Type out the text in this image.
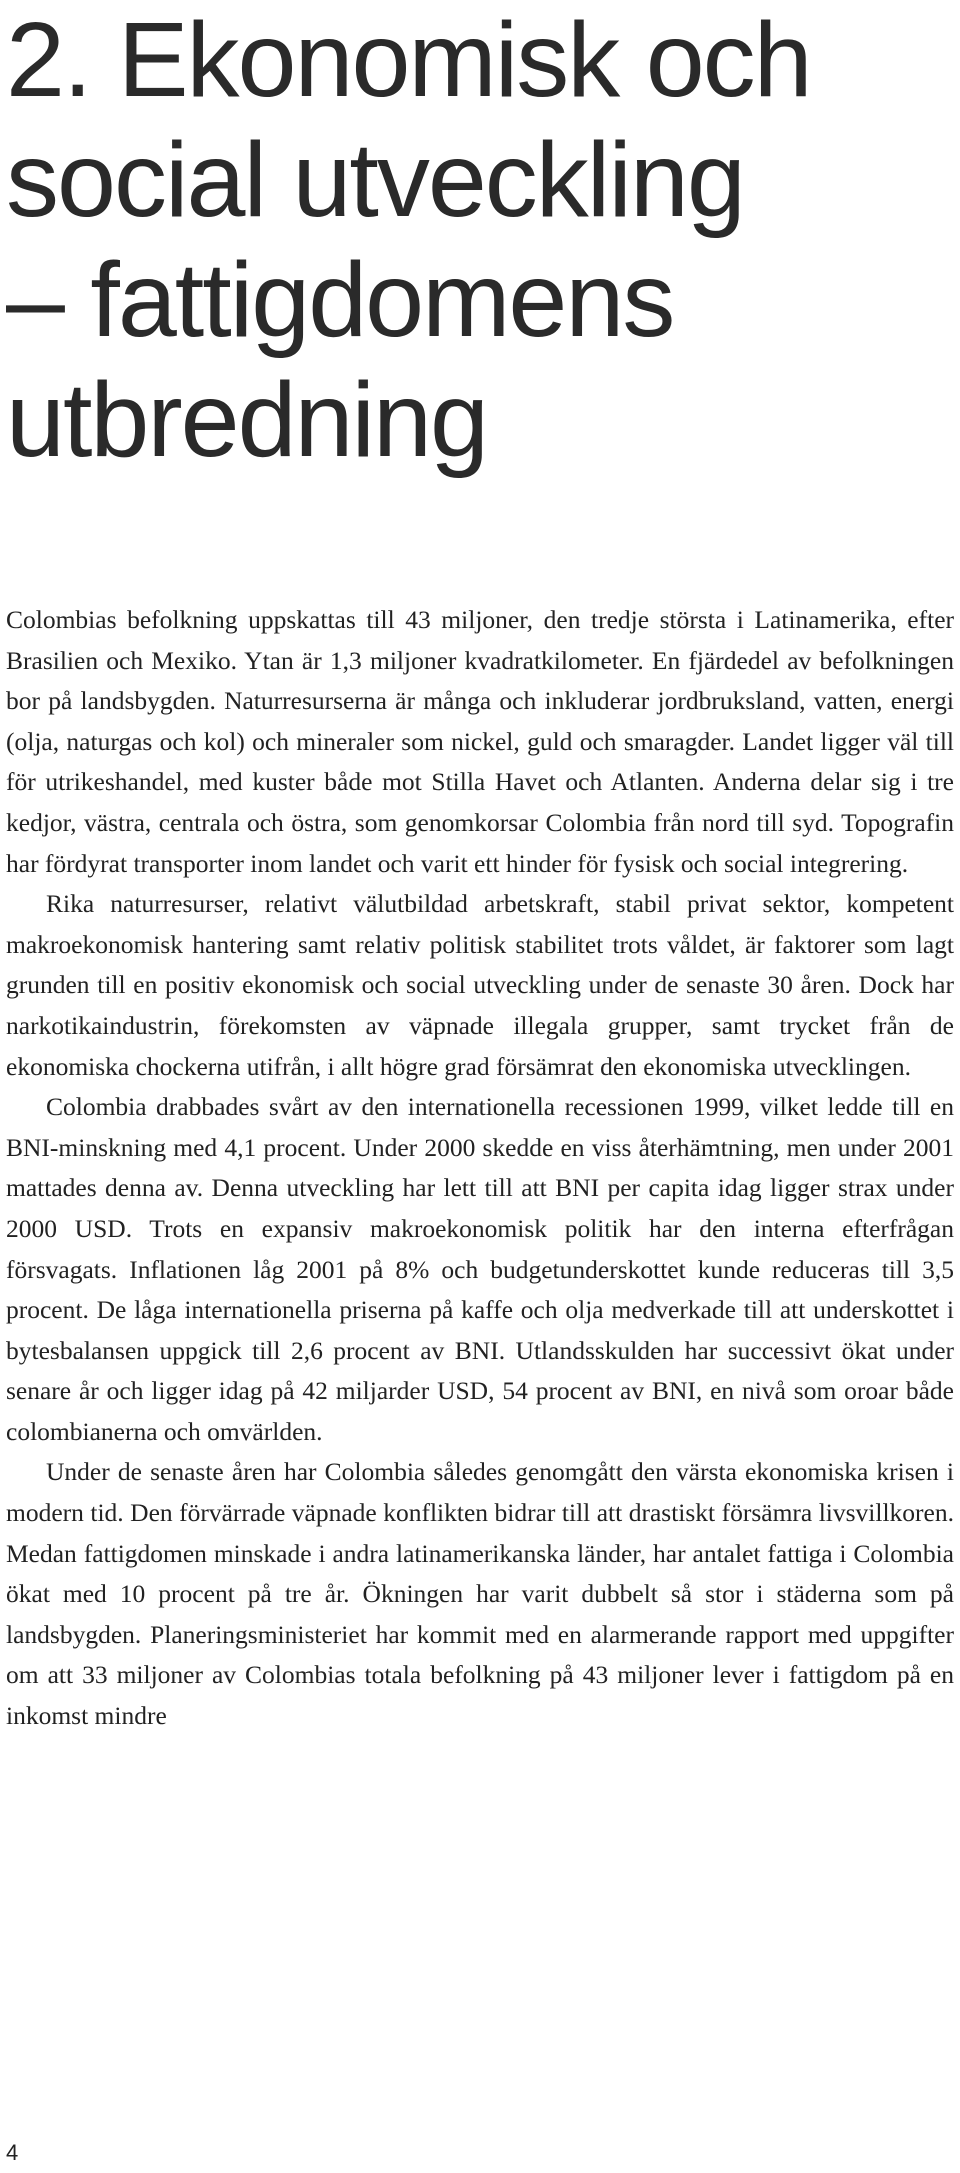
2. Ekonomisk och
social utveckling
– fattigdomens
utbredning

Colombias befolkning uppskattas till 43 miljoner, den tredje största i Latinamerika, efter Brasilien och Mexiko. Ytan är 1,3 miljoner kvadratkilometer. En fjärdedel av befolkningen bor på landsbygden. Naturresurserna är många och inkluderar jordbruksland, vatten, energi (olja, naturgas och kol) och mineraler som nickel, guld och smaragder. Landet ligger väl till för utrikeshandel, med kuster både mot Stilla Havet och Atlanten. Anderna delar sig i tre kedjor, västra, centrala och östra, som genomkorsar Colombia från nord till syd. Topografin har fördyrat transporter inom landet och varit ett hinder för fysisk och social integrering.

Rika naturresurser, relativt välutbildad arbetskraft, stabil privat sektor, kompetent makroekonomisk hantering samt relativ politisk stabilitet trots våldet, är faktorer som lagt grunden till en positiv ekonomisk och social utveckling under de senaste 30 åren. Dock har narkotikaindustrin, förekomsten av väpnade illegala grupper, samt trycket från de ekonomiska chockerna utifrån, i allt högre grad försämrat den ekonomiska utvecklingen.

Colombia drabbades svårt av den internationella recessionen 1999, vilket ledde till en BNI-minskning med 4,1 procent. Under 2000 skedde en viss återhämtning, men under 2001 mattades denna av. Denna utveckling har lett till att BNI per capita idag ligger strax under 2000 USD. Trots en expansiv makroekonomisk politik har den interna efterfrågan försvagats. Inflationen låg 2001 på 8% och budgetunderskottet kunde reduceras till 3,5 procent. De låga internationella priserna på kaffe och olja medverkade till att underskottet i bytesbalansen uppgick till 2,6 procent av BNI. Utlandsskulden har successivt ökat under senare år och ligger idag på 42 miljarder USD, 54 procent av BNI, en nivå som oroar både colombianerna och omvärlden.

Under de senaste åren har Colombia således genomgått den värsta ekonomiska krisen i modern tid. Den förvärrade väpnade konflikten bidrar till att drastiskt försämra livsvillkoren. Medan fattigdomen minskade i andra latinamerikanska länder, har antalet fattiga i Colombia ökat med 10 procent på tre år. Ökningen har varit dubbelt så stor i städerna som på landsbygden. Planeringsministeriet har kommit med en alarmerande rapport med uppgifter om att 33 miljoner av Colombias totala befolkning på 43 miljoner lever i fattigdom på en inkomst mindre

4
